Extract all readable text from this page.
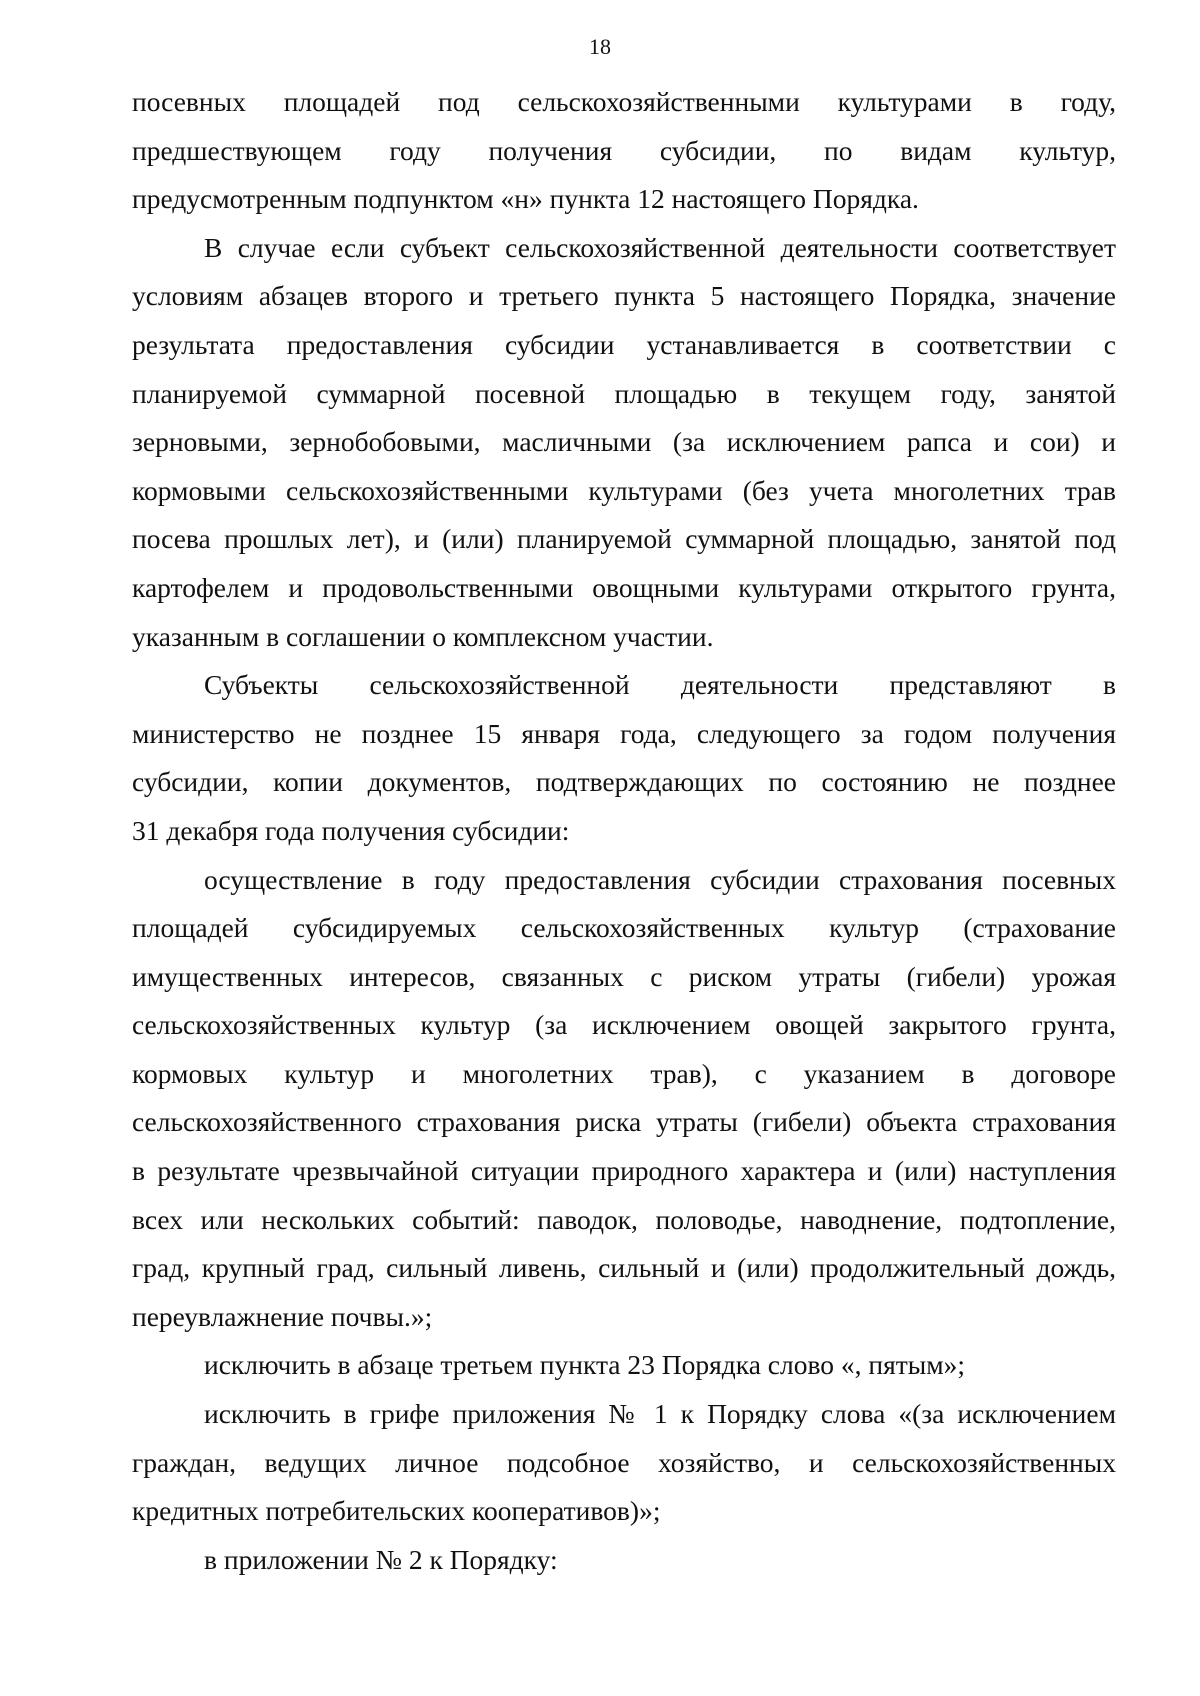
18
посевных площадей под сельскохозяйственными культурами в году,
предшествующем году получения субсидии, по видам культур,
предусмотренным подпунктом «н» пункта 12 настоящего Порядка.
В случае если субъект сельскохозяйственной деятельности соответствует
условиям абзацев второго и третьего пункта 5 настоящего Порядка, значение
результата предоставления субсидии устанавливается в соответствии с
планируемой суммарной посевной площадью в текущем году, занятой
зерновыми, зернобобовыми, масличными (за исключением рапса и сои) и
кормовыми сельскохозяйственными культурами (без учета многолетних трав
посева прошлых лет), и (или) планируемой суммарной площадью, занятой под
картофелем и продовольственными овощными культурами открытого грунта,
указанным в соглашении о комплексном участии.
Субъекты сельскохозяйственной деятельности представляют в
министерство не позднее 15 января года, следующего за годом получения
субсидии, копии документов, подтверждающих по состоянию не позднее
31 декабря года получения субсидии:
осуществление в году предоставления субсидии страхования посевных
площадей субсидируемых сельскохозяйственных культур (страхование
имущественных интересов, связанных с риском утраты (гибели) урожая
сельскохозяйственных культур (за исключением овощей закрытого грунта,
кормовых культур и многолетних трав), с указанием в договоре
сельскохозяйственного страхования риска утраты (гибели) объекта страхования
в результате чрезвычайной ситуации природного характера и (или) наступления
всех или нескольких событий: паводок, половодье, наводнение, подтопление,
град, крупный град, сильный ливень, сильный и (или) продолжительный дождь,
переувлажнение почвы.»;
исключить в абзаце третьем пункта 23 Порядка слово «, пятым»;
исключить в грифе приложения № 1 к Порядку слова «(за исключением
граждан, ведущих личное подсобное хозяйство, и сельскохозяйственных
кредитных потребительских кооперативов)»;
в приложении № 2 к Порядку:
